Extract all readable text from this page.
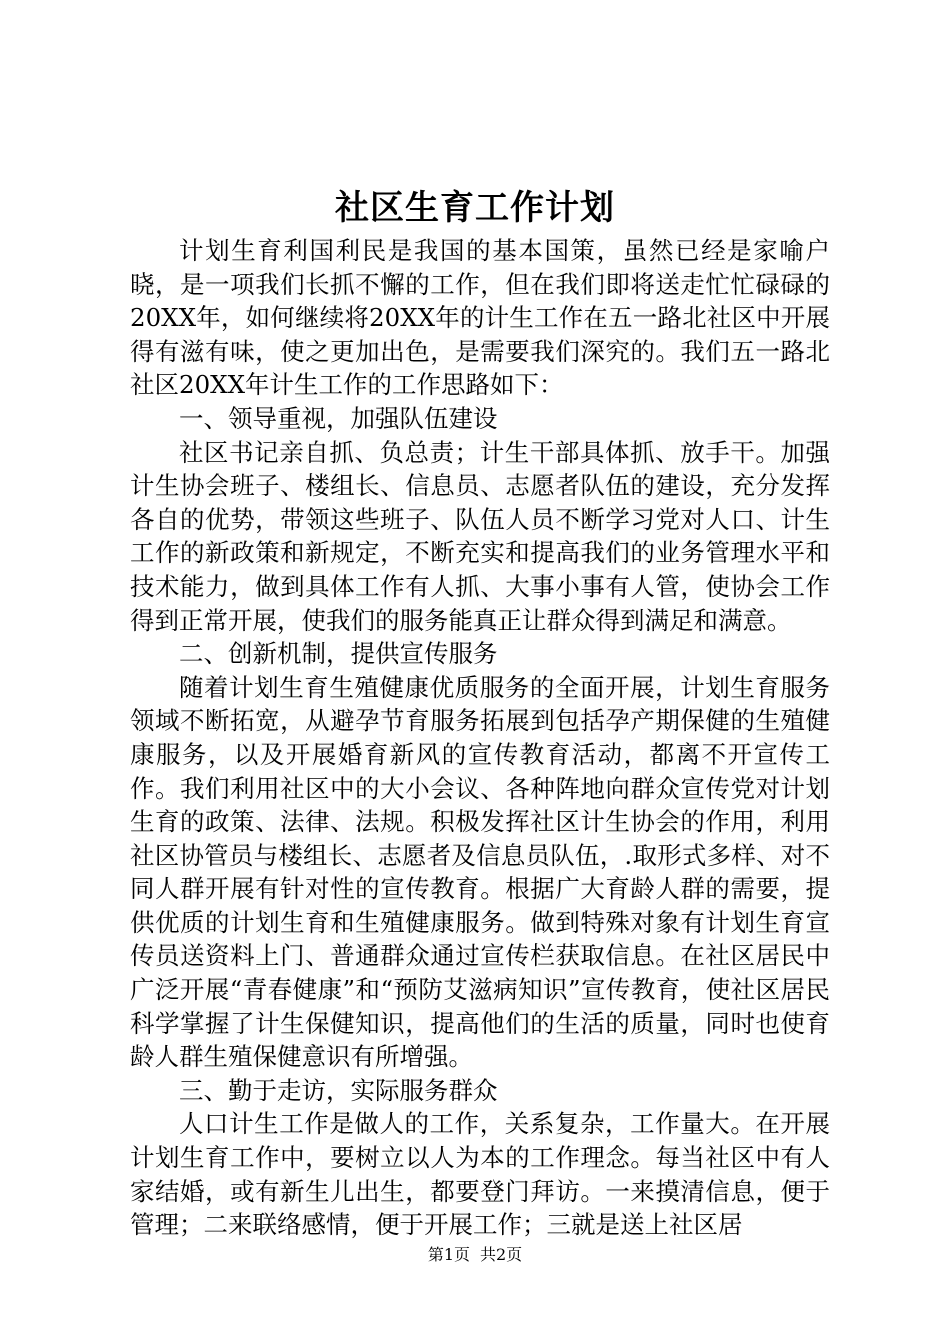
社区生育工作计划

计划生育利国利民是我国的基本国策，虽然已经是家喻户晓，是一项我们长抓不懈的工作，但在我们即将送走忙忙碌碌的20XX年，如何继续将20XX年的计生工作在五一路北社区中开展得有滋有味，使之更加出色，是需要我们深究的。我们五一路北社区20XX年计生工作的工作思路如下：

一、领导重视，加强队伍建设

社区书记亲自抓、负总责；计生干部具体抓、放手干。加强计生协会班子、楼组长、信息员、志愿者队伍的建设，充分发挥各自的优势，带领这些班子、队伍人员不断学习党对人口、计生工作的新政策和新规定，不断充实和提高我们的业务管理水平和技术能力，做到具体工作有人抓、大事小事有人管，使协会工作得到正常开展，使我们的服务能真正让群众得到满足和满意。

二、创新机制，提供宣传服务

随着计划生育生殖健康优质服务的全面开展，计划生育服务领域不断拓宽，从避孕节育服务拓展到包括孕产期保健的生殖健康服务，以及开展婚育新风的宣传教育活动，都离不开宣传工作。我们利用社区中的大小会议、各种阵地向群众宣传党对计划生育的政策、法律、法规。积极发挥社区计生协会的作用，利用社区协管员与楼组长、志愿者及信息员队伍，.取形式多样、对不同人群开展有针对性的宣传教育。根据广大育龄人群的需要，提供优质的计划生育和生殖健康服务。做到特殊对象有计划生育宣传员送资料上门、普通群众通过宣传栏获取信息。在社区居民中广泛开展“青春健康”和“预防艾滋病知识”宣传教育，使社区居民科学掌握了计生保健知识，提高他们的生活的质量，同时也使育龄人群生殖保健意识有所增强。

三、勤于走访，实际服务群众

人口计生工作是做人的工作，关系复杂，工作量大。在开展计划生育工作中，要树立以人为本的工作理念。每当社区中有人家结婚，或有新生儿出生，都要登门拜访。一来摸清信息，便于管理；二来联络感情，便于开展工作；三就是送上社区居

第1页 共2页
